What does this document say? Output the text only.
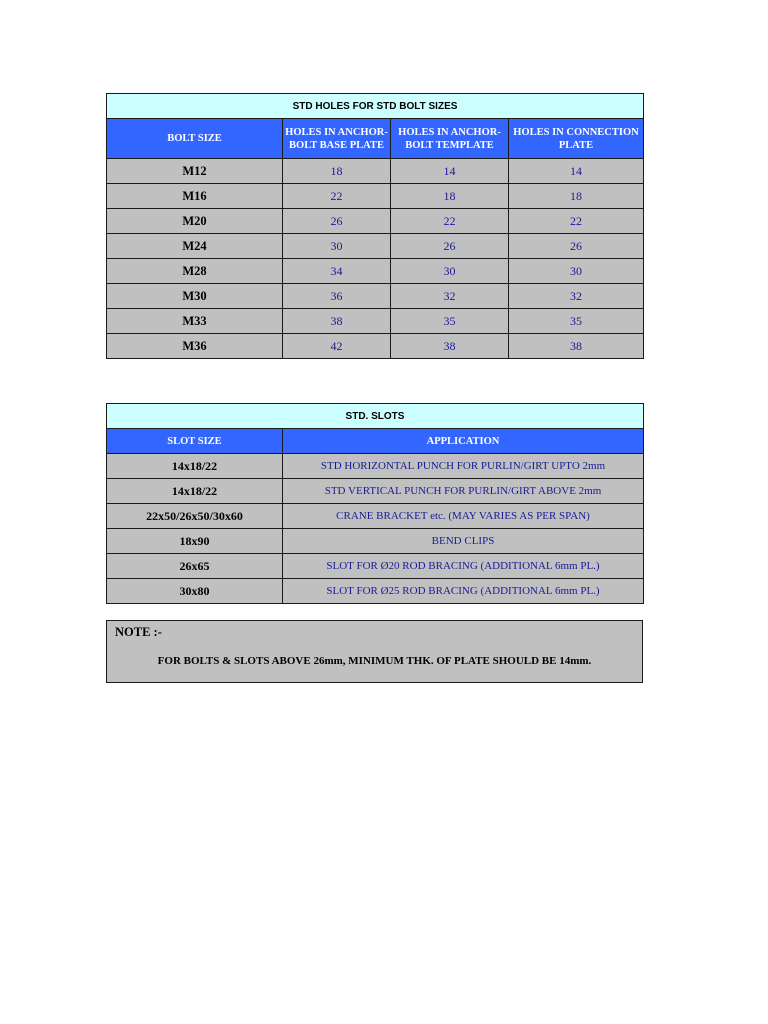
STD HOLES FOR STD BOLT SIZES			
BOLT SIZE	HOLES IN ANCHOR-BOLT BASE PLATE	HOLES IN ANCHOR-BOLT TEMPLATE	HOLES IN CONNECTION PLATE
M12	18	14	14
M16	22	18	18
M20	26	22	22
M24	30	26	26
M28	34	30	30
M30	36	32	32
M33	38	35	35
M36	42	38	38
STD. SLOTS	
SLOT SIZE	APPLICATION
14x18/22	STD HORIZONTAL PUNCH FOR PURLIN/GIRT UPTO 2mm
14x18/22	STD VERTICAL PUNCH FOR PURLIN/GIRT ABOVE 2mm
22x50/26x50/30x60	CRANE BRACKET etc. (MAY VARIES AS PER SPAN)
18x90	BEND CLIPS
26x65	SLOT FOR Ø20 ROD BRACING (ADDITIONAL 6mm PL.)
30x80	SLOT FOR Ø25 ROD BRACING (ADDITIONAL 6mm PL.)
NOTE :-
FOR BOLTS & SLOTS ABOVE 26mm, MINIMUM THK. OF PLATE SHOULD BE 14mm.
